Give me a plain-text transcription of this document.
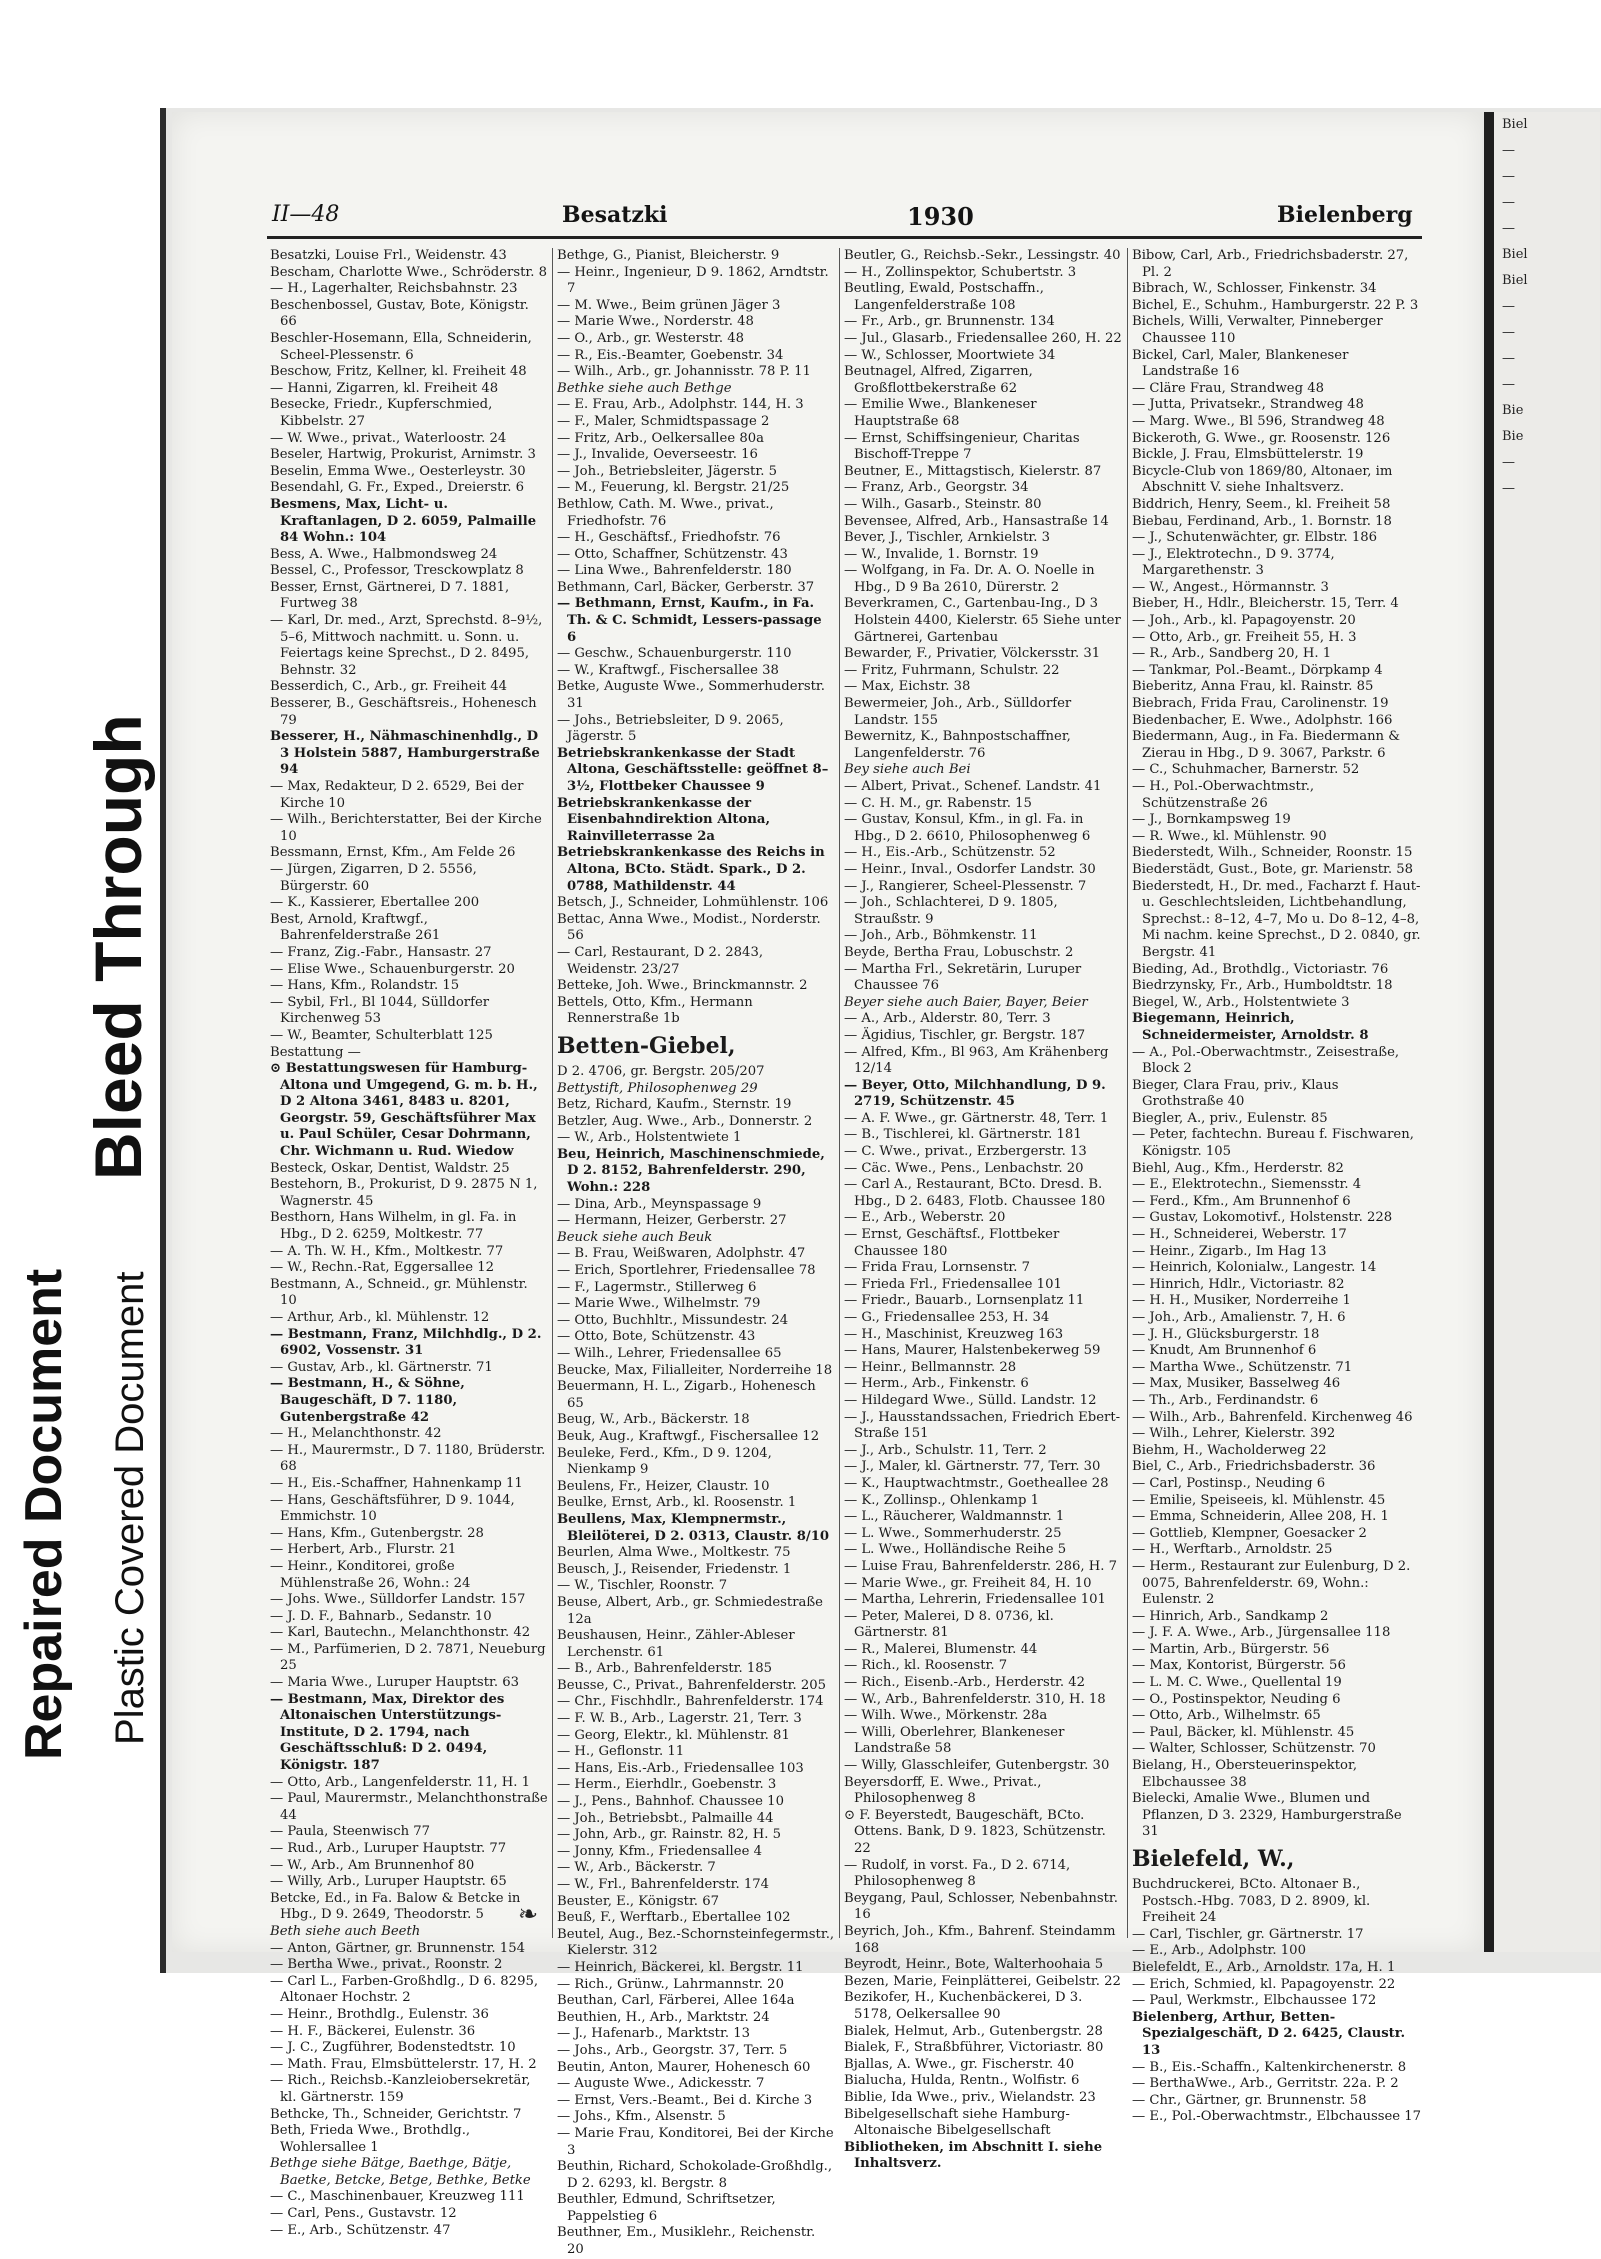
II—48	Besatzki	1930	Bielenberg

Besatzki, Louise Frl., Weidenstr. 43

Bescham, Charlotte Wwe., Schröderstr. 8

— H., Lagerhalter, Reichsbahnstr. 23

Beschenbossel, Gustav, Bote, Königstr. 66

Beschler-Hosemann, Ella, Schneiderin, Scheel-Plessenstr. 6

Beschow, Fritz, Kellner, kl. Freiheit 48

— Hanni, Zigarren, kl. Freiheit 48

Besecke, Friedr., Kupferschmied, Kibbelstr. 27

— W. Wwe., privat., Waterloostr. 24

Beseler, Hartwig, Prokurist, Arnimstr. 3

Beselin, Emma Wwe., Oesterleystr. 30

Besendahl, G. Fr., Exped., Dreierstr. 6

Besmens, Max, Licht- u. Kraftanlagen, D 2. 6059, Palmaille 84 Wohn.: 104

Bess, A. Wwe., Halbmondsweg 24

Bessel, C., Professor, Tresckowplatz 8

Besser, Ernst, Gärtnerei, D 7. 1881, Furtweg 38

— Karl, Dr. med., Arzt, Sprechstd. 8–9½, 5–6, Mittwoch nachmitt. u. Sonn. u. Feiertags keine Sprechst., D 2. 8495, Behnstr. 32

Besserdich, C., Arb., gr. Freiheit 44

Besserer, B., Geschäftsreis., Hohenesch 79

Besserer, H., Nähmaschinenhdlg., D 3 Holstein 5887, Hamburgerstraße 94

— Max, Redakteur, D 2. 6529, Bei der Kirche 10

— Wilh., Berichterstatter, Bei der Kirche 10

Bessmann, Ernst, Kfm., Am Felde 26

— Jürgen, Zigarren, D 2. 5556, Bürgerstr. 60

— K., Kassierer, Ebertallee 200

Best, Arnold, Kraftwgf., Bahrenfelderstraße 261

— Franz, Zig.-Fabr., Hansastr. 27

— Elise Wwe., Schauenburgerstr. 20

— Hans, Kfm., Rolandstr. 15

— Sybil, Frl., Bl 1044, Sülldorfer Kirchenweg 53

— W., Beamter, Schulterblatt 125

Bestattung —

⊙ Bestattungswesen für Hamburg-Altona und Umgegend, G. m. b. H., D 2 Altona 3461, 8483 u. 8201, Georgstr. 59, Geschäftsführer Max u. Paul Schüler, Cesar Dohrmann, Chr. Wichmann u. Rud. Wiedow

Besteck, Oskar, Dentist, Waldstr. 25

Bestehorn, B., Prokurist, D 9. 2875 N 1, Wagnerstr. 45

Besthorn, Hans Wilhelm, in gl. Fa. in Hbg., D 2. 6259, Moltkestr. 77

— A. Th. W. H., Kfm., Moltkestr. 77

— W., Rechn.-Rat, Eggersallee 12

Bestmann, A., Schneid., gr. Mühlenstr. 10

— Arthur, Arb., kl. Mühlenstr. 12

— Bestmann, Franz, Milchhdlg., D 2. 6902, Vossenstr. 31

— Gustav, Arb., kl. Gärtnerstr. 71

— Bestmann, H., & Söhne, Baugeschäft, D 7. 1180, Gutenbergstraße 42

— H., Melanchthonstr. 42

— H., Maurermstr., D 7. 1180, Brüderstr. 68

— H., Eis.-Schaffner, Hahnenkamp 11

— Hans, Geschäftsführer, D 9. 1044, Emmichstr. 10

— Hans, Kfm., Gutenbergstr. 28

— Herbert, Arb., Flurstr. 21

— Heinr., Konditorei, große Mühlenstraße 26, Wohn.: 24

— Johs. Wwe., Sülldorfer Landstr. 157

— J. D. F., Bahnarb., Sedanstr. 10

— Karl, Bautechn., Melanchthonstr. 42

— M., Parfümerien, D 2. 7871, Neueburg 25

— Maria Wwe., Luruper Hauptstr. 63

— Bestmann, Max, Direktor des Altonaischen Unterstützungs-Institute, D 2. 1794, nach Geschäftsschluß: D 2. 0494, Königstr. 187

— Otto, Arb., Langenfelderstr. 11, H. 1

— Paul, Maurermstr., Melanchthonstraße 44

— Paula, Steenwisch 77

— Rud., Arb., Luruper Hauptstr. 77

— W., Arb., Am Brunnenhof 80

— Willy, Arb., Luruper Hauptstr. 65

Betcke, Ed., in Fa. Balow & Betcke in Hbg., D 9. 2649, Theodorstr. 5

Beth siehe auch Beeth

— Anton, Gärtner, gr. Brunnenstr. 154

— Bertha Wwe., privat., Roonstr. 2

— Carl L., Farben-Großhdlg., D 6. 8295, Altonaer Hochstr. 2

— Heinr., Brothdlg., Eulenstr. 36

— H. F., Bäckerei, Eulenstr. 36

— J. C., Zugführer, Bodenstedtstr. 10

— Math. Frau, Elmsbüttelerstr. 17, H. 2

— Rich., Reichsb.-Kanzleiobersekretär, kl. Gärtnerstr. 159

Bethcke, Th., Schneider, Gerichtstr. 7

Beth, Frieda Wwe., Brothdlg., Wohlersallee 1

Bethge siehe Bätge, Baethge, Bätje, Baetke, Betcke, Betge, Bethke, Betke

— C., Maschinenbauer, Kreuzweg 111

— Carl, Pens., Gustavstr. 12

— E., Arb., Schützenstr. 47

Bethge, G., Pianist, Bleicherstr. 9

— Heinr., Ingenieur, D 9. 1862, Arndtstr. 7

— M. Wwe., Beim grünen Jäger 3

— Marie Wwe., Norderstr. 48

— O., Arb., gr. Westerstr. 48

— R., Eis.-Beamter, Goebenstr. 34

— Wilh., Arb., gr. Johannisstr. 78 P. 11

Bethke siehe auch Bethge

— E. Frau, Arb., Adolphstr. 144, H. 3

— F., Maler, Schmidtspassage 2

— Fritz, Arb., Oelkersallee 80a

— J., Invalide, Oeverseestr. 16

— Joh., Betriebsleiter, Jägerstr. 5

— M., Feuerung, kl. Bergstr. 21/25

Bethlow, Cath. M. Wwe., privat., Friedhofstr. 76

— H., Geschäftsf., Friedhofstr. 76

— Otto, Schaffner, Schützenstr. 43

— Lina Wwe., Bahrenfelderstr. 180

Bethmann, Carl, Bäcker, Gerberstr. 37

— Bethmann, Ernst, Kaufm., in Fa. Th. & C. Schmidt, Lessers-passage 6

— Geschw., Schauenburgerstr. 110

— W., Kraftwgf., Fischersallee 38

Betke, Auguste Wwe., Sommerhuderstr. 31

— Johs., Betriebsleiter, D 9. 2065, Jägerstr. 5

Betriebskrankenkasse der Stadt Altona, Geschäftsstelle: geöffnet 8–3½, Flottbeker Chaussee 9

Betriebskrankenkasse der Eisenbahndirektion Altona, Rainvilleterrasse 2a

Betriebskrankenkasse des Reichs in Altona, BCto. Städt. Spark., D 2. 0788, Mathildenstr. 44

Betsch, J., Schneider, Lohmühlenstr. 106

Bettac, Anna Wwe., Modist., Norderstr. 56

— Carl, Restaurant, D 2. 2843, Weidenstr. 23/27

Betteke, Joh. Wwe., Brinckmannstr. 2

Bettels, Otto, Kfm., Hermann Rennerstraße 1b

Betten-Giebel,

D 2. 4706, gr. Bergstr. 205/207

Bettystift, Philosophenweg 29

Betz, Richard, Kaufm., Sternstr. 19

Betzler, Aug. Wwe., Arb., Donnerstr. 2

— W., Arb., Holstentwiete 1

Beu, Heinrich, Maschinenschmiede, D 2. 8152, Bahrenfelderstr. 290, Wohn.: 228

— Dina, Arb., Meynspassage 9

— Hermann, Heizer, Gerberstr. 27

Beuck siehe auch Beuk

— B. Frau, Weißwaren, Adolphstr. 47

— Erich, Sportlehrer, Friedensallee 78

— F., Lagermstr., Stillerweg 6

— Marie Wwe., Wilhelmstr. 79

— Otto, Buchhltr., Missundestr. 24

— Otto, Bote, Schützenstr. 43

— Wilh., Lehrer, Friedensallee 65

Beucke, Max, Filialleiter, Norderreihe 18

Beuermann, H. L., Zigarb., Hohenesch 65

Beug, W., Arb., Bäckerstr. 18

Beuk, Aug., Kraftwgf., Fischersallee 12

Beuleke, Ferd., Kfm., D 9. 1204, Nienkamp 9

Beulens, Fr., Heizer, Claustr. 10

Beulke, Ernst, Arb., kl. Roosenstr. 1

Beullens, Max, Klempnermstr., Bleilöterei, D 2. 0313, Claustr. 8/10

Beurlen, Alma Wwe., Moltkestr. 75

Beusch, J., Reisender, Friedenstr. 1

— W., Tischler, Roonstr. 7

Beuse, Albert, Arb., gr. Schmiedestraße 12a

Beushausen, Heinr., Zähler-Ableser Lerchenstr. 61

— B., Arb., Bahrenfelderstr. 185

Beusse, C., Privat., Bahrenfelderstr. 205

— Chr., Fischhdlr., Bahrenfelderstr. 174

— F. W. B., Arb., Lagerstr. 21, Terr. 3

— Georg, Elektr., kl. Mühlenstr. 81

— H., Geflonstr. 11

— Hans, Eis.-Arb., Friedensallee 103

— Herm., Eierhdlr., Goebenstr. 3

— J., Pens., Bahnhof. Chaussee 10

— Joh., Betriebsbt., Palmaille 44

— John, Arb., gr. Rainstr. 82, H. 5

— Jonny, Kfm., Friedensallee 4

— W., Arb., Bäckerstr. 7

— W., Frl., Bahrenfelderstr. 174

Beuster, E., Königstr. 67

Beuß, F., Werftarb., Ebertallee 102

Beutel, Aug., Bez.-Schornsteinfegermstr., Kielerstr. 312

— Heinrich, Bäckerei, kl. Bergstr. 11

— Rich., Grünw., Lahrmannstr. 20

Beuthan, Carl, Färberei, Allee 164a

Beuthien, H., Arb., Marktstr. 24

— J., Hafenarb., Marktstr. 13

— Johs., Arb., Georgstr. 37, Terr. 5

Beutin, Anton, Maurer, Hohenesch 60

— Auguste Wwe., Adickesstr. 7

— Ernst, Vers.-Beamt., Bei d. Kirche 3

— Johs., Kfm., Alsenstr. 5

— Marie Frau, Konditorei, Bei der Kirche 3

Beuthin, Richard, Schokolade-Großhdlg., D 2. 6293, kl. Bergstr. 8

Beuthler, Edmund, Schriftsetzer, Pappelstieg 6

Beuthner, Em., Musiklehr., Reichenstr. 20

Beutler, G., Reichsb.-Sekr., Lessingstr. 40

— H., Zollinspektor, Schubertstr. 3

Beutling, Ewald, Postschaffn., Langenfelderstraße 108

— Fr., Arb., gr. Brunnenstr. 134

— Jul., Glasarb., Friedensallee 260, H. 22

— W., Schlosser, Moortwiete 34

Beutnagel, Alfred, Zigarren, Großflottbekerstraße 62

— Emilie Wwe., Blankeneser Hauptstraße 68

— Ernst, Schiffsingenieur, Charitas Bischoff-Treppe 7

Beutner, E., Mittagstisch, Kielerstr. 87

— Franz, Arb., Georgstr. 34

— Wilh., Gasarb., Steinstr. 80

Bevensee, Alfred, Arb., Hansastraße 14

Bever, J., Tischler, Arnkielstr. 3

— W., Invalide, 1. Bornstr. 19

— Wolfgang, in Fa. Dr. A. O. Noelle in Hbg., D 9 Ba 2610, Dürerstr. 2

Beverkramen, C., Gartenbau-Ing., D 3 Holstein 4400, Kielerstr. 65 Siehe unter Gärtnerei, Gartenbau

Bewarder, F., Privatier, Völckersstr. 31

— Fritz, Fuhrmann, Schulstr. 22

— Max, Eichstr. 38

Bewermeier, Joh., Arb., Sülldorfer Landstr. 155

Bewernitz, K., Bahnpostschaffner, Langenfelderstr. 76

Bey siehe auch Bei

— Albert, Privat., Schenef. Landstr. 41

— C. H. M., gr. Rabenstr. 15

— Gustav, Konsul, Kfm., in gl. Fa. in Hbg., D 2. 6610, Philosophenweg 6

— H., Eis.-Arb., Schützenstr. 52

— Heinr., Inval., Osdorfer Landstr. 30

— J., Rangierer, Scheel-Plessenstr. 7

— Joh., Schlachterei, D 9. 1805, Straußstr. 9

— Joh., Arb., Böhmkenstr. 11

Beyde, Bertha Frau, Lobuschstr. 2

— Martha Frl., Sekretärin, Luruper Chaussee 76

Beyer siehe auch Baier, Bayer, Beier

— A., Arb., Alderstr. 80, Terr. 3

— Ägidius, Tischler, gr. Bergstr. 187

— Alfred, Kfm., Bl 963, Am Krähenberg 12/14

— Beyer, Otto, Milchhandlung, D 9. 2719, Schützenstr. 45

— A. F. Wwe., gr. Gärtnerstr. 48, Terr. 1

— B., Tischlerei, kl. Gärtnerstr. 181

— C. Wwe., privat., Erzbergerstr. 13

— Cäc. Wwe., Pens., Lenbachstr. 20

— Carl A., Restaurant, BCto. Dresd. B. Hbg., D 2. 6483, Flotb. Chaussee 180

— E., Arb., Weberstr. 20

— Ernst, Geschäftsf., Flottbeker Chaussee 180

— Frida Frau, Lornsenstr. 7

— Frieda Frl., Friedensallee 101

— Friedr., Bauarb., Lornsenplatz 11

— G., Friedensallee 253, H. 34

— H., Maschinist, Kreuzweg 163

— Hans, Maurer, Halstenbekerweg 59

— Heinr., Bellmannstr. 28

— Herm., Arb., Finkenstr. 6

— Hildegard Wwe., Sülld. Landstr. 12

— J., Hausstandssachen, Friedrich Ebert-Straße 151

— J., Arb., Schulstr. 11, Terr. 2

— J., Maler, kl. Gärtnerstr. 77, Terr. 30

— K., Hauptwachtmstr., Goetheallee 28

— K., Zollinsp., Ohlenkamp 1

— L., Räucherer, Waldmannstr. 1

— L. Wwe., Sommerhuderstr. 25

— L. Wwe., Holländische Reihe 5

— Luise Frau, Bahrenfelderstr. 286, H. 7

— Marie Wwe., gr. Freiheit 84, H. 10

— Martha, Lehrerin, Friedensallee 101

— Peter, Malerei, D 8. 0736, kl. Gärtnerstr. 81

— R., Malerei, Blumenstr. 44

— Rich., kl. Roosenstr. 7

— Rich., Eisenb.-Arb., Herderstr. 42

— W., Arb., Bahrenfelderstr. 310, H. 18

— Wilh. Wwe., Mörkenstr. 28a

— Willi, Oberlehrer, Blankeneser Landstraße 58

— Willy, Glasschleifer, Gutenbergstr. 30

Beyersdorff, E. Wwe., Privat., Philosophenweg 8

⊙ F. Beyerstedt, Baugeschäft, BCto. Ottens. Bank, D 9. 1823, Schützenstr. 22

— Rudolf, in vorst. Fa., D 2. 6714, Philosophenweg 8

Beygang, Paul, Schlosser, Nebenbahnstr. 16

Beyrich, Joh., Kfm., Bahrenf. Steindamm 168

Beyrodt, Heinr., Bote, Walterhoohaia 5

Bezen, Marie, Feinplätterei, Geibelstr. 22

Bezikofer, H., Kuchenbäckerei, D 3. 5178, Oelkersallee 90

Bialek, Helmut, Arb., Gutenbergstr. 28

Bialek, F., Straßbführer, Victoriastr. 80

Bjallas, A. Wwe., gr. Fischerstr. 40

Bialucha, Hulda, Rentn., Wolfistr. 6

Biblie, Ida Wwe., priv., Wielandstr. 23

Bibelgesellschaft siehe Hamburg-Altonaische Bibelgesellschaft

Bibliotheken, im Abschnitt I. siehe Inhaltsverz.

Bibow, Carl, Arb., Friedrichsbaderstr. 27, Pl. 2

Bibrach, W., Schlosser, Finkenstr. 34

Bichel, E., Schuhm., Hamburgerstr. 22 P. 3

Bichels, Willi, Verwalter, Pinneberger Chaussee 110

Bickel, Carl, Maler, Blankeneser Landstraße 16

— Cläre Frau, Strandweg 48

— Jutta, Privatsekr., Strandweg 48

— Marg. Wwe., Bl 596, Strandweg 48

Bickeroth, G. Wwe., gr. Roosenstr. 126

Bickle, J. Frau, Elmsbüttelerstr. 19

Bicycle-Club von 1869/80, Altonaer, im Abschnitt V. siehe Inhaltsverz.

Biddrich, Henry, Seem., kl. Freiheit 58

Biebau, Ferdinand, Arb., 1. Bornstr. 18

— J., Schutenwächter, gr. Elbstr. 186

— J., Elektrotechn., D 9. 3774, Margarethenstr. 3

— W., Angest., Hörmannstr. 3

Bieber, H., Hdlr., Bleicherstr. 15, Terr. 4

— Joh., Arb., kl. Papagoyenstr. 20

— Otto, Arb., gr. Freiheit 55, H. 3

— R., Arb., Sandberg 20, H. 1

— Tankmar, Pol.-Beamt., Dörpkamp 4

Bieberitz, Anna Frau, kl. Rainstr. 85

Biebrach, Frida Frau, Carolinenstr. 19

Biedenbacher, E. Wwe., Adolphstr. 166

Biedermann, Aug., in Fa. Biedermann & Zierau in Hbg., D 9. 3067, Parkstr. 6

— C., Schuhmacher, Barnerstr. 52

— H., Pol.-Oberwachtmstr., Schützenstraße 26

— J., Bornkampsweg 19

— R. Wwe., kl. Mühlenstr. 90

Biederstedt, Wilh., Schneider, Roonstr. 15

Biederstädt, Gust., Bote, gr. Marienstr. 58

Biederstedt, H., Dr. med., Facharzt f. Haut- u. Geschlechtsleiden, Lichtbehandlung, Sprechst.: 8–12, 4–7, Mo u. Do 8–12, 4–8, Mi nachm. keine Sprechst., D 2. 0840, gr. Bergstr. 41

Bieding, Ad., Brothdlg., Victoriastr. 76

Biedrzynsky, Fr., Arb., Humboldtstr. 18

Biegel, W., Arb., Holstentwiete 3

Biegemann, Heinrich, Schneidermeister, Arnoldstr. 8

— A., Pol.-Oberwachtmstr., Zeisestraße, Block 2

Bieger, Clara Frau, priv., Klaus Grothstraße 40

Biegler, A., priv., Eulenstr. 85

— Peter, fachtechn. Bureau f. Fischwaren, Königstr. 105

Biehl, Aug., Kfm., Herderstr. 82

— E., Elektrotechn., Siemensstr. 4

— Ferd., Kfm., Am Brunnenhof 6

— Gustav, Lokomotivf., Holstenstr. 228

— H., Schneiderei, Weberstr. 17

— Heinr., Zigarb., Im Hag 13

— Heinrich, Kolonialw., Langestr. 14

— Hinrich, Hdlr., Victoriastr. 82

— H. H., Musiker, Norderreihe 1

— Joh., Arb., Amalienstr. 7, H. 6

— J. H., Glücksburgerstr. 18

— Knudt, Am Brunnenhof 6

— Martha Wwe., Schützenstr. 71

— Max, Musiker, Basselweg 46

— Th., Arb., Ferdinandstr. 6

— Wilh., Arb., Bahrenfeld. Kirchenweg 46

— Wilh., Lehrer, Kielerstr. 392

Biehm, H., Wacholderweg 22

Biel, C., Arb., Friedrichsbaderstr. 36

— Carl, Postinsp., Neuding 6

— Emilie, Speiseeis, kl. Mühlenstr. 45

— Emma, Schneiderin, Allee 208, H. 1

— Gottlieb, Klempner, Goesacker 2

— H., Werftarb., Arnoldstr. 25

— Herm., Restaurant zur Eulenburg, D 2. 0075, Bahrenfelderstr. 69, Wohn.: Eulenstr. 2

— Hinrich, Arb., Sandkamp 2

— J. F. A. Wwe., Arb., Jürgensallee 118

— Martin, Arb., Bürgerstr. 56

— Max, Kontorist, Bürgerstr. 56

— L. M. C. Wwe., Quellental 19

— O., Postinspektor, Neuding 6

— Otto, Arb., Wilhelmstr. 65

— Paul, Bäcker, kl. Mühlenstr. 45

— Walter, Schlosser, Schützenstr. 70

Bielang, H., Obersteuerinspektor, Elbchaussee 38

Bielecki, Amalie Wwe., Blumen und Pflanzen, D 3. 2329, Hamburgerstraße 31

Bielefeld, W.,

Buchdruckerei, BCto. Altonaer B., Postsch.-Hbg. 7083, D 2. 8909, kl. Freiheit 24

— Carl, Tischler, gr. Gärtnerstr. 17

— E., Arb., Adolphstr. 100

Bielefeldt, E., Arb., Arnoldstr. 17a, H. 1

— Erich, Schmied, kl. Papagoyenstr. 22

— Paul, Werkmstr., Elbchaussee 172

Bielenberg, Arthur, Betten-Spezialgeschäft, D 2. 6425, Claustr. 13

— B., Eis.-Schaffn., Kaltenkirchenerstr. 8

— BerthaWwe., Arb., Gerritstr. 22a. P. 2

— Chr., Gärtner, gr. Brunnenstr. 58

— E., Pol.-Oberwachtmstr., Elbchaussee 17

Biel
—
—
—
—
Biel
Biel
—
—
—
—
Bie
Bie
—
—
❧
Repaired Document Plastic Covered Document
Bleed Through
